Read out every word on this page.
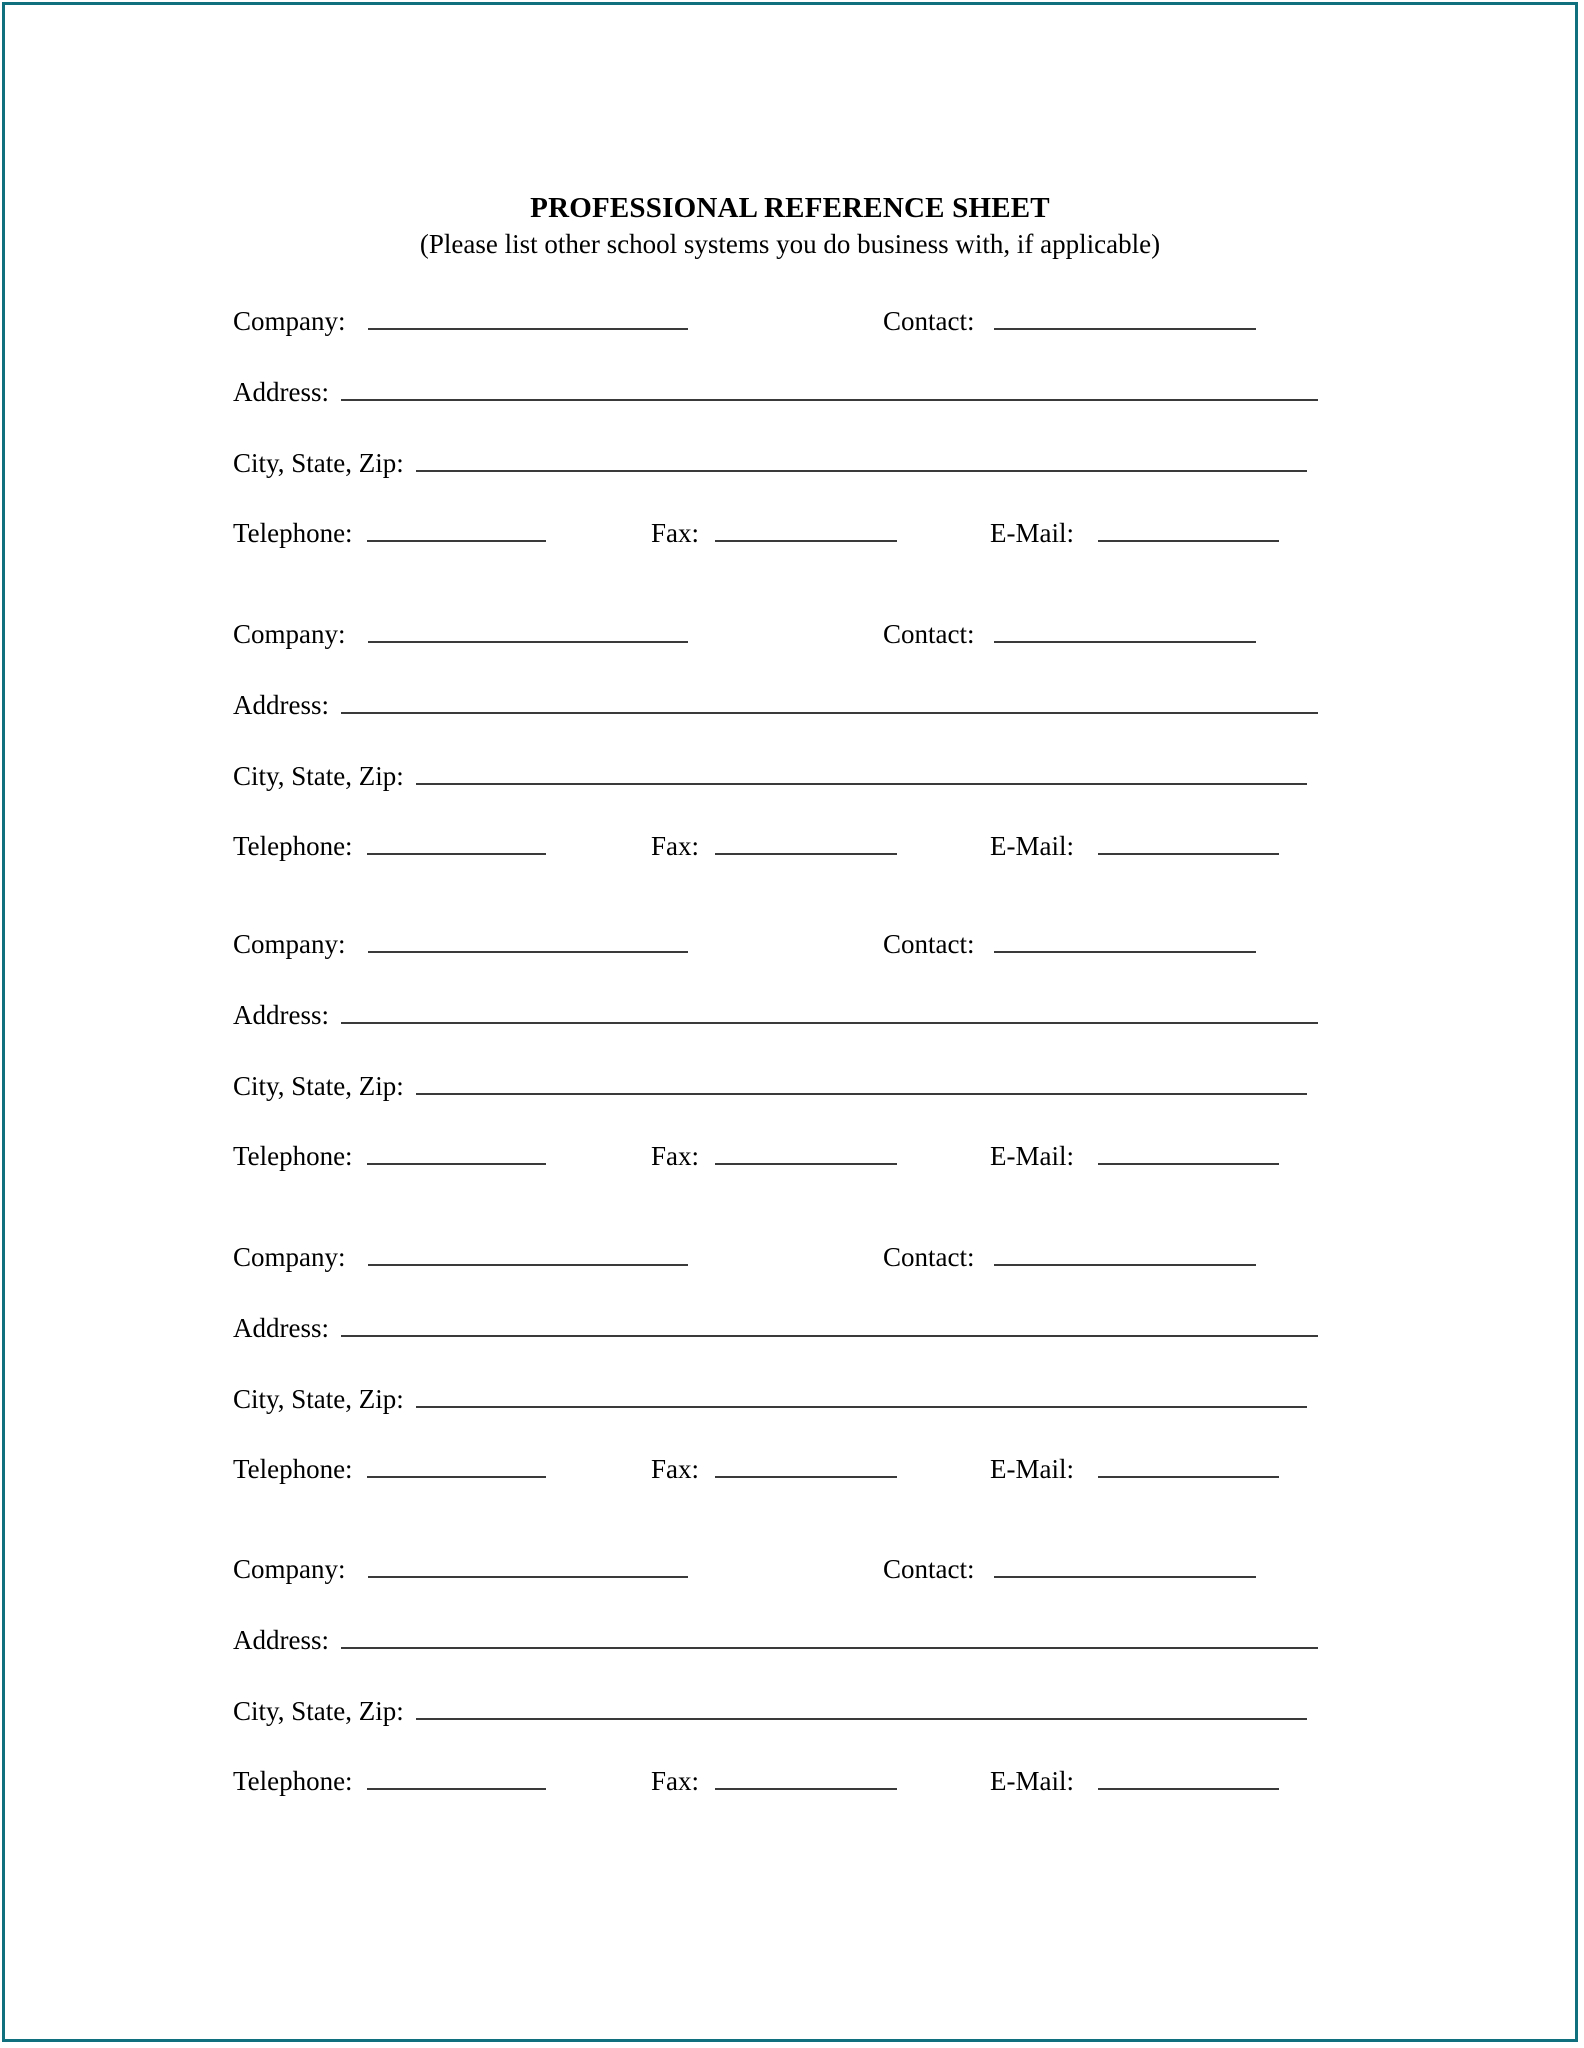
PROFESSIONAL REFERENCE SHEET
(Please list other school systems you do business with, if applicable)
Company:	Contact:
Address:
City, State, Zip:
Telephone:	Fax:	E-Mail:
Company:	Contact:
Address:
City, State, Zip:
Telephone:	Fax:	E-Mail:
Company:	Contact:
Address:
City, State, Zip:
Telephone:	Fax:	E-Mail:
Company:	Contact:
Address:
City, State, Zip:
Telephone:	Fax:	E-Mail:
Company:	Contact:
Address:
City, State, Zip:
Telephone:	Fax:	E-Mail:
